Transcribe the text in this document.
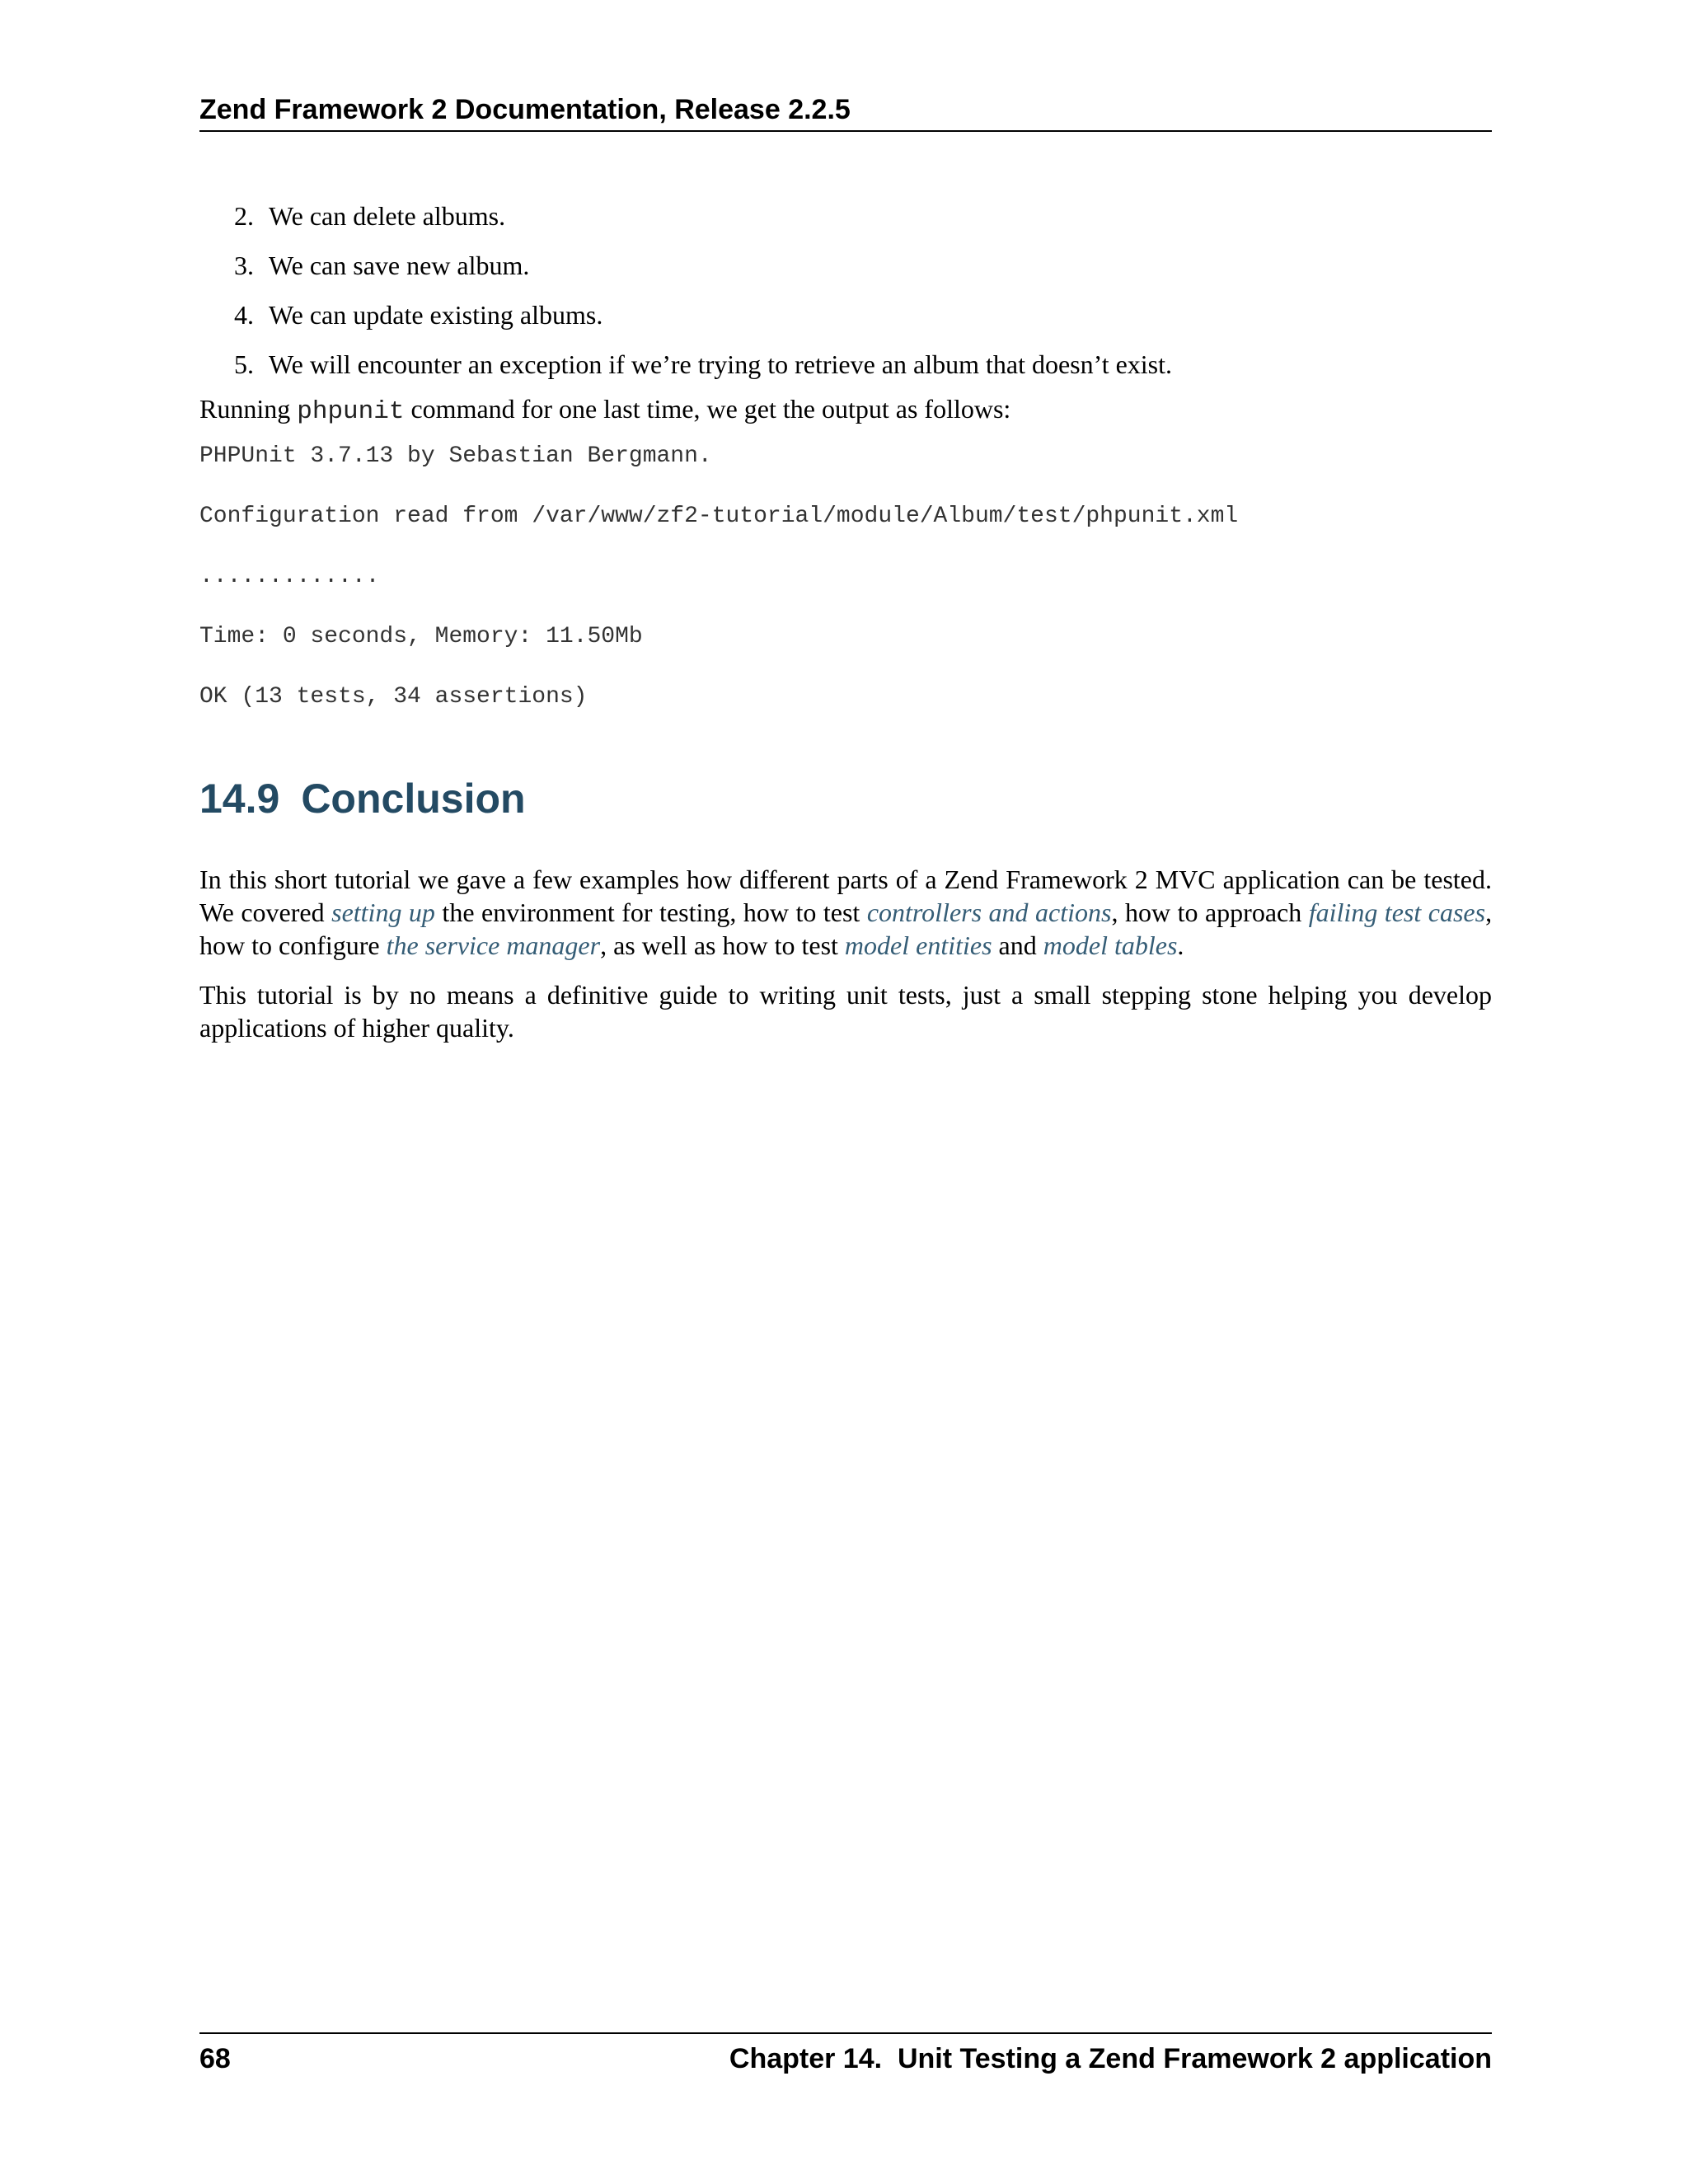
Zend Framework 2 Documentation, Release 2.2.5
2. We can delete albums.
3. We can save new album.
4. We can update existing albums.
5. We will encounter an exception if we’re trying to retrieve an album that doesn’t exist.

Running phpunit command for one last time, we get the output as follows:

PHPUnit 3.7.13 by Sebastian Bergmann.
Configuration read from /var/www/zf2-tutorial/module/Album/test/phpunit.xml
.............
Time: 0 seconds, Memory: 11.50Mb
OK (13 tests, 34 assertions)
14.9 Conclusion

In this short tutorial we gave a few examples how different parts of a Zend Framework 2 MVC application can be tested. We covered setting up the environment for testing, how to test controllers and actions, how to approach failing test cases, how to configure the service manager, as well as how to test model entities and model tables.

This tutorial is by no means a definitive guide to writing unit tests, just a small stepping stone helping you develop applications of higher quality.

68	Chapter 14.  Unit Testing a Zend Framework 2 application
